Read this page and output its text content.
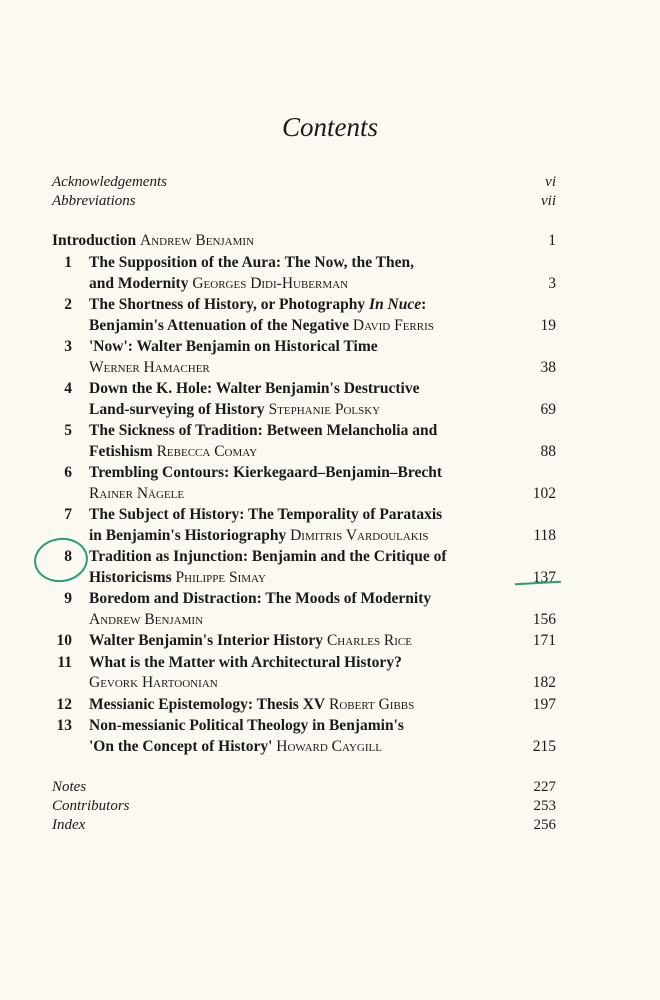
Contents
Acknowledgements	vi
Abbreviations	vii
Introduction Andrew Benjamin	1
1	The Supposition of the Aura: The Now, the Then,
and Modernity Georges Didi-Huberman	3
2	The Shortness of History, or Photography In Nuce:
Benjamin's Attenuation of the Negative David Ferris	19
3	'Now': Walter Benjamin on Historical Time
Werner Hamacher	38
4	Down the K. Hole: Walter Benjamin's Destructive
Land-surveying of History Stephanie Polsky	69
5	The Sickness of Tradition: Between Melancholia and
Fetishism Rebecca Comay	88
6	Trembling Contours: Kierkegaard–Benjamin–Brecht
Rainer Nägele	102
7	The Subject of History: The Temporality of Parataxis
in Benjamin's Historiography Dimitris Vardoulakis	118
8	Tradition as Injunction: Benjamin and the Critique of
Historicisms Philippe Simay	137
9	Boredom and Distraction: The Moods of Modernity
Andrew Benjamin	156
10	Walter Benjamin's Interior History Charles Rice	171
11	What is the Matter with Architectural History?
Gevork Hartoonian	182
12	Messianic Epistemology: Thesis XV Robert Gibbs	197
13	Non-messianic Political Theology in Benjamin's
'On the Concept of History' Howard Caygill	215
Notes	227
Contributors	253
Index	256
